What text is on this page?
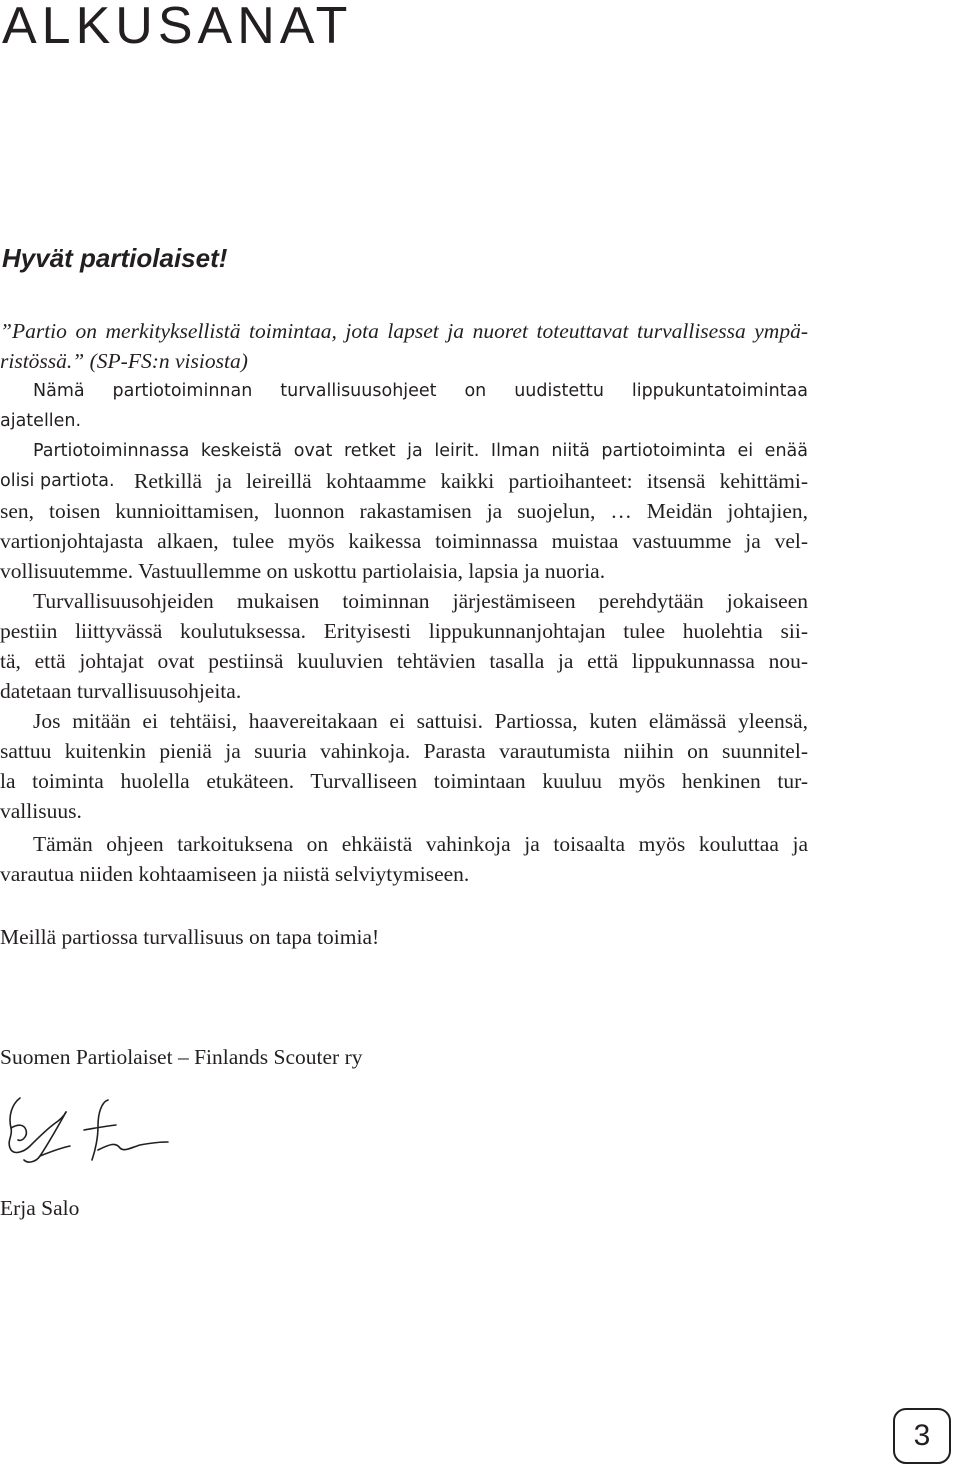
ALKUSANAT
Hyvät partiolaiset!
”Partio on merkityksellistä toimintaa, jota lapset ja nuoret toteuttavat turvallisessa ympä-
ristössä.” (SP-FS:n visiosta)
Nämä partiotoiminnan turvallisuusohjeet on uudistettu lippukuntatoimintaa
ajatellen.
Partiotoiminnassa keskeistä ovat retket ja leirit. Ilman niitä partiotoiminta ei enää
olisi partiota. Retkillä ja leireillä kohtaamme kaikki partioihanteet: itsensä kehittämi-
sen, toisen kunnioittamisen, luonnon rakastamisen ja suojelun, … Meidän johtajien,
vartionjohtajasta alkaen, tulee myös kaikessa toiminnassa muistaa vastuumme ja vel-
vollisuutemme. Vastuullemme on uskottu partiolaisia, lapsia ja nuoria.
Turvallisuusohjeiden mukaisen toiminnan järjestämiseen perehdytään jokaiseen
pestiin liittyvässä koulutuksessa. Erityisesti lippukunnanjohtajan tulee huolehtia sii-
tä, että johtajat ovat pestiinsä kuuluvien tehtävien tasalla ja että lippukunnassa nou-
datetaan turvallisuusohjeita.
Jos mitään ei tehtäisi, haavereitakaan ei sattuisi. Partiossa, kuten elämässä yleensä,
sattuu kuitenkin pieniä ja suuria vahinkoja. Parasta varautumista niihin on suunnitel-
la toiminta huolella etukäteen. Turvalliseen toimintaan kuuluu myös henkinen tur-
vallisuus.
Tämän ohjeen tarkoituksena on ehkäistä vahinkoja ja toisaalta myös kouluttaa ja
varautua niiden kohtaamiseen ja niistä selviytymiseen.
Meillä partiossa turvallisuus on tapa toimia!
Suomen Partiolaiset – Finlands Scouter ry
Erja Salo
3
